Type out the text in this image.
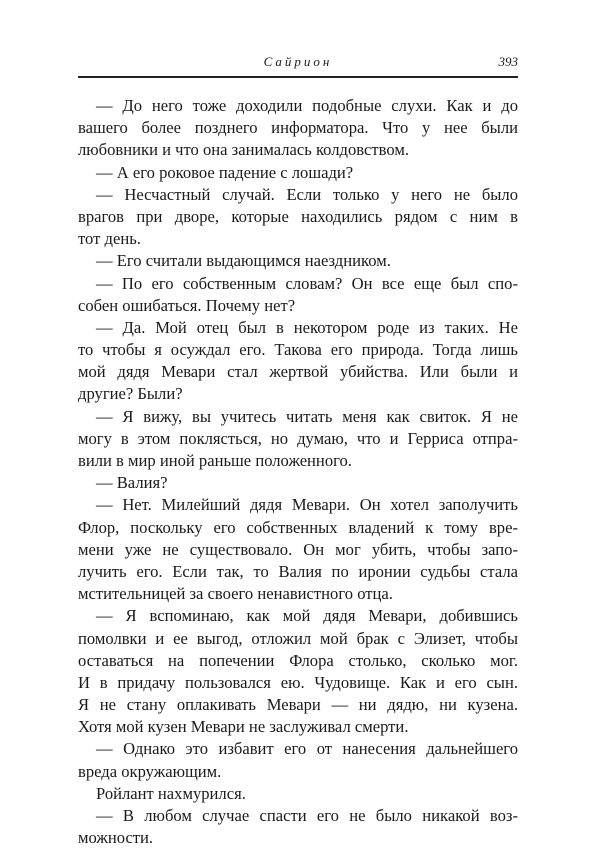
Сайрион	393
— До него тоже доходили подобные слухи. Как и до
вашего более позднего информатора. Что у нее были
любовники и что она занималась колдовством.
— А его роковое падение с лошади?
— Несчастный случай. Если только у него не было
врагов при дворе, которые находились рядом с ним в
тот день.
— Его считали выдающимся наездником.
— По его собственным словам? Он все еще был спо-
собен ошибаться. Почему нет?
— Да. Мой отец был в некотором роде из таких. Не
то чтобы я осуждал его. Такова его природа. Тогда лишь
мой дядя Мевари стал жертвой убийства. Или были и
другие? Были?
— Я вижу, вы учитесь читать меня как свиток. Я не
могу в этом поклясться, но думаю, что и Герриса отпра-
вили в мир иной раньше положенного.
— Валия?
— Нет. Милейший дядя Мевари. Он хотел заполучить
Флор, поскольку его собственных владений к тому вре-
мени уже не существовало. Он мог убить, чтобы запо-
лучить его. Если так, то Валия по иронии судьбы стала
мстительницей за своего ненавистного отца.
— Я вспоминаю, как мой дядя Мевари, добившись
помолвки и ее выгод, отложил мой брак с Элизет, чтобы
оставаться на попечении Флора столько, сколько мог.
И в придачу пользовался ею. Чудовище. Как и его сын.
Я не стану оплакивать Мевари — ни дядю, ни кузена.
Хотя мой кузен Мевари не заслуживал смерти.
— Однако это избавит его от нанесения дальнейшего
вреда окружающим.
Ройлант нахмурился.
— В любом случае спасти его не было никакой воз-
можности.
